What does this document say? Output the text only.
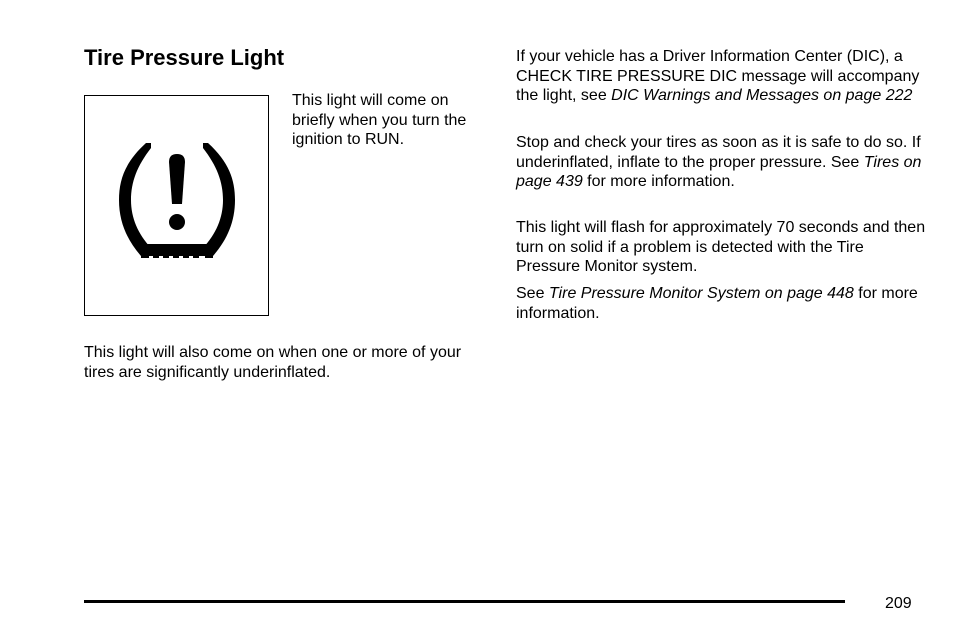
Tire Pressure Light

This light will come on briefly when you turn the ignition to RUN.

This light will also come on when one or more of your tires are significantly underinflated.

If your vehicle has a Driver Information Center (DIC), a CHECK TIRE PRESSURE DIC message will accompany the light, see DIC Warnings and Messages on page 222

Stop and check your tires as soon as it is safe to do so. If underinflated, inflate to the proper pressure. See Tires on page 439 for more information.

This light will flash for approximately 70 seconds and then turn on solid if a problem is detected with the Tire Pressure Monitor system.

See Tire Pressure Monitor System on page 448 for more information.

209
